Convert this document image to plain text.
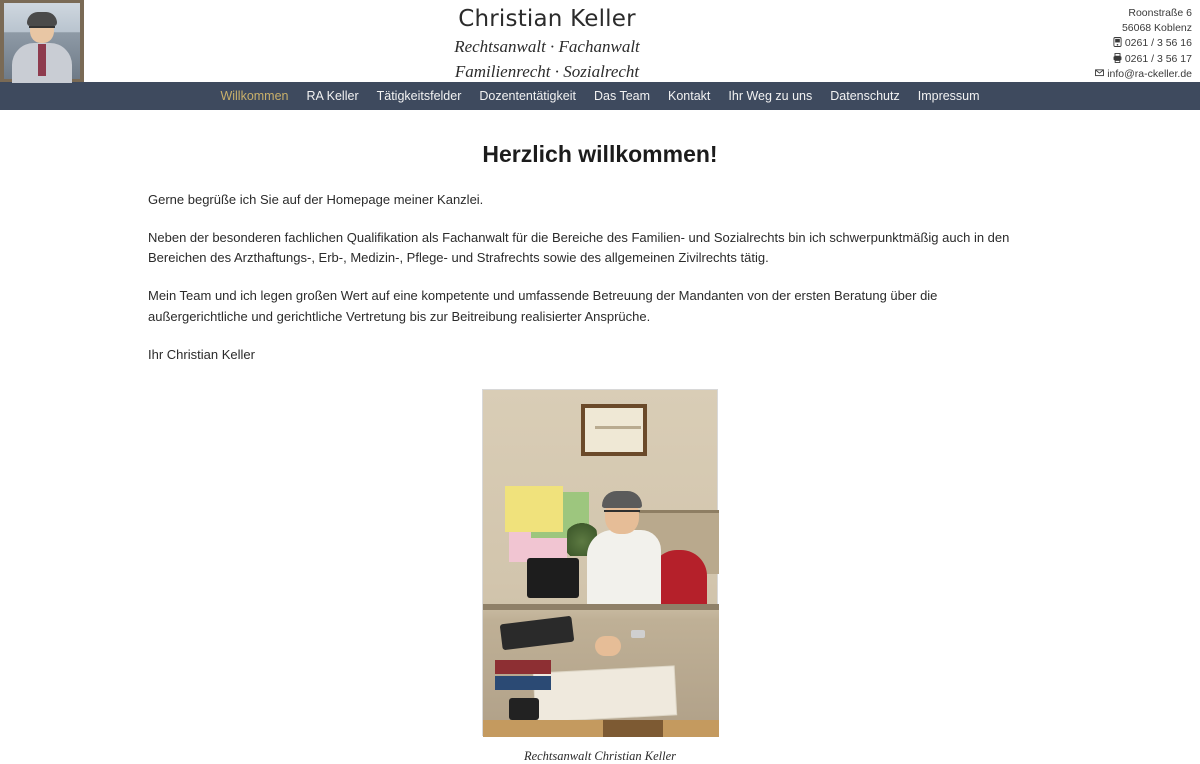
Christian Keller
Rechtsanwalt · Fachanwalt
Familienrecht · Sozialrecht
Roonstraße 6
56068 Koblenz
0261 / 3 56 16
0261 / 3 56 17
info@ra-ckeller.de
Willkommen	RA Keller	Tätigkeitsfelder	Dozententätigkeit	Das Team	Kontakt	Ihr Weg zu uns	Datenschutz	Impressum
Herzlich willkommen!

Gerne begrüße ich Sie auf der Homepage meiner Kanzlei.

Neben der besonderen fachlichen Qualifikation als Fachanwalt für die Bereiche des Familien- und Sozialrechts bin ich schwerpunktmäßig auch in den Bereichen des Arzthaftungs-, Erb-, Medizin-, Pflege- und Strafrechts sowie des allgemeinen Zivilrechts tätig.

Mein Team und ich legen großen Wert auf eine kompetente und umfassende Betreuung der Mandanten von der ersten Beratung über die außergerichtliche und gerichtliche Vertretung bis zur Beitreibung realisierter Ansprüche.

Ihr Christian Keller

Rechtsanwalt Christian Keller
